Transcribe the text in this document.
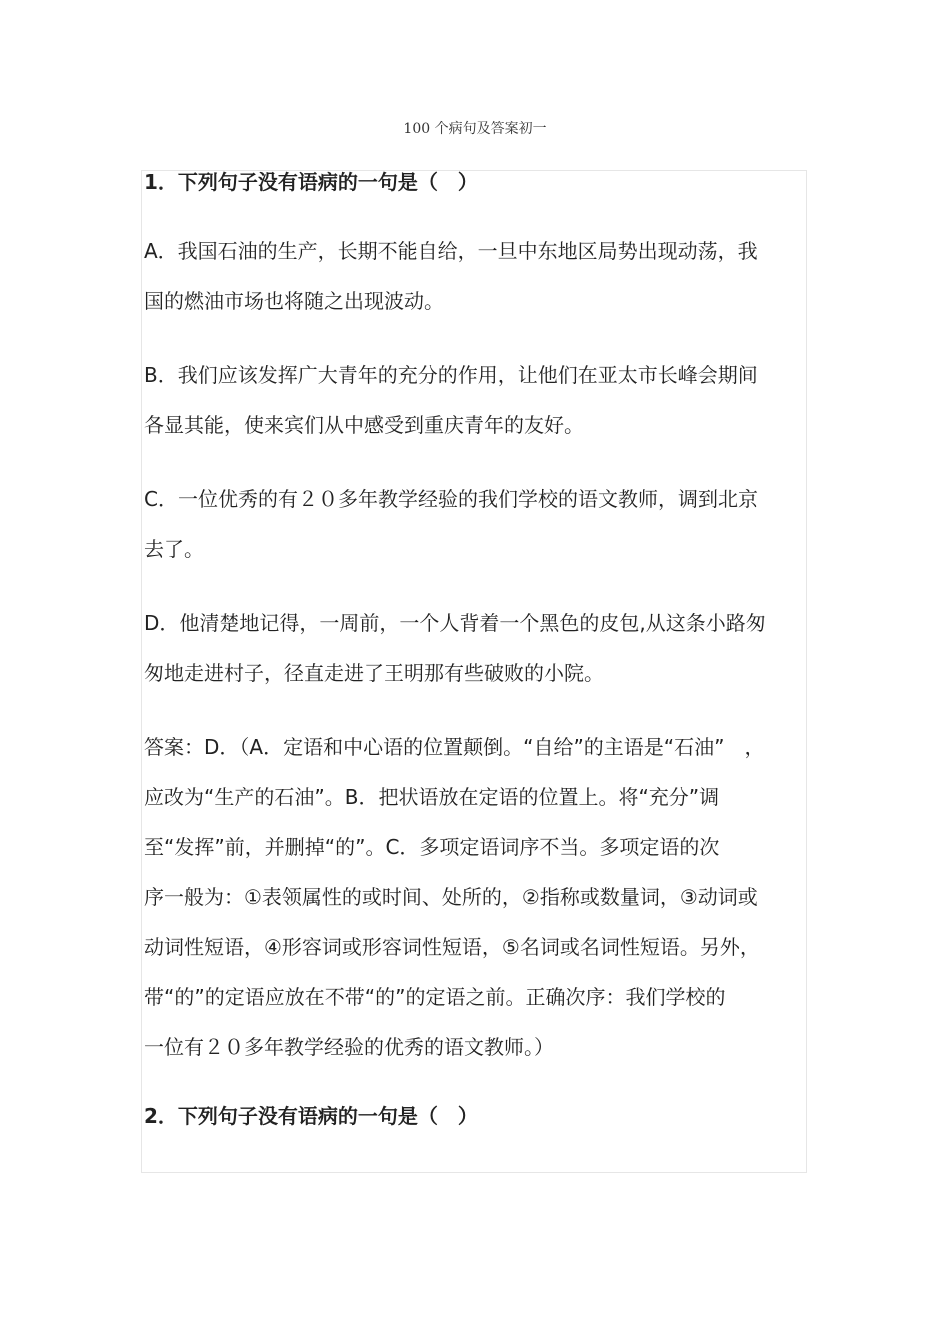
100 个病句及答案初一

1．下列句子没有语病的一句是（　）

A．我国石油的生产，长期不能自给，一旦中东地区局势出现动荡，我

国的燃油市场也将随之出现波动。

B．我们应该发挥广大青年的充分的作用，让他们在亚太市长峰会期间

各显其能，使来宾们从中感受到重庆青年的友好。

C．一位优秀的有２０多年教学经验的我们学校的语文教师，调到北京

去了。

D．他清楚地记得，一周前，一个人背着一个黑色的皮包,从这条小路匆

匆地走进村子，径直走进了王明那有些破败的小院。

答案：D．（A．定语和中心语的位置颠倒。“自给”的主语是“石油”　，

应改为“生产的石油”。B．把状语放在定语的位置上。将“充分”调

至“发挥”前，并删掉“的”。C．多项定语词序不当。多项定语的次

序一般为：①表领属性的或时间、处所的，②指称或数量词，③动词或

动词性短语，④形容词或形容词性短语，⑤名词或名词性短语。另外，

带“的”的定语应放在不带“的”的定语之前。正确次序：我们学校的

一位有２０多年教学经验的优秀的语文教师。）

2．下列句子没有语病的一句是（　）
